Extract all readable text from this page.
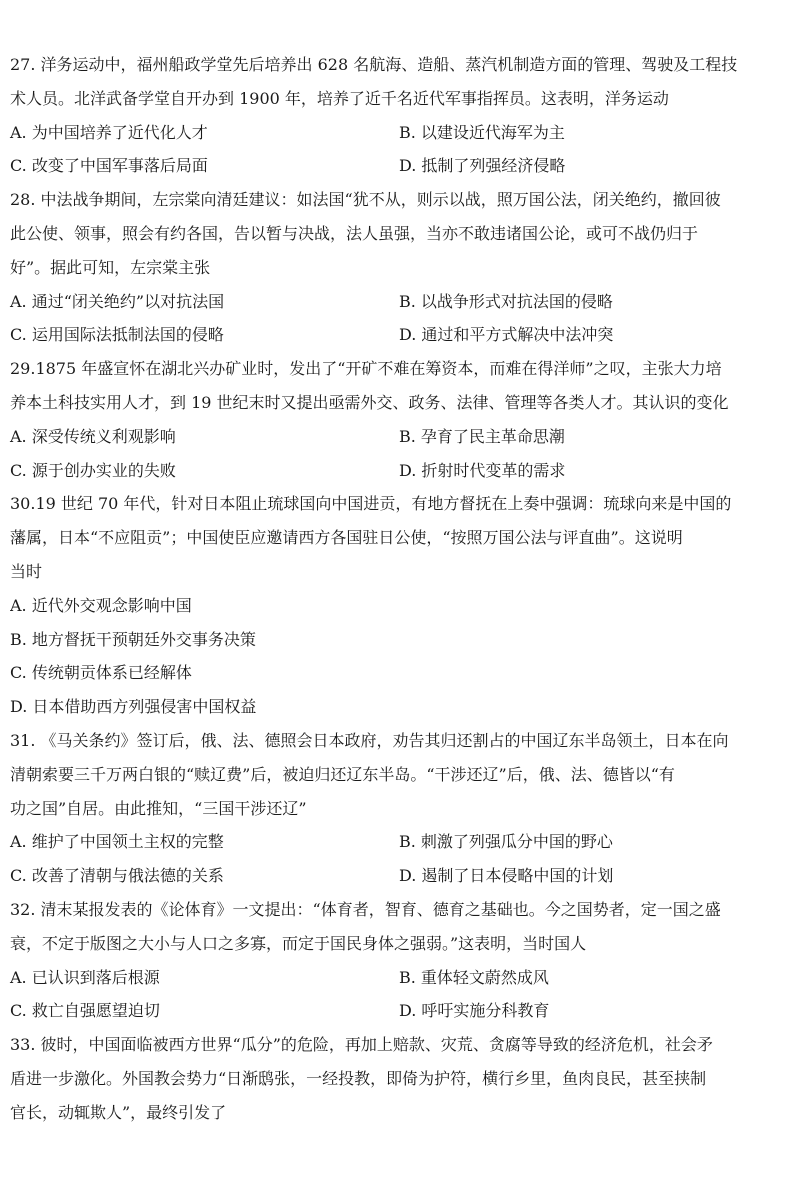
27. 洋务运动中，福州船政学堂先后培养出 628 名航海、造船、蒸汽机制造方面的管理、驾驶及工程技
术人员。北洋武备学堂自开办到 1900 年，培养了近千名近代军事指挥员。这表明，洋务运动
A. 为中国培养了近代化人才	B. 以建设近代海军为主
C. 改变了中国军事落后局面	D. 抵制了列强经济侵略
28. 中法战争期间，左宗棠向清廷建议：如法国“犹不从，则示以战，照万国公法，闭关绝约，撤回彼
此公使、领事，照会有约各国，告以暂与决战，法人虽强，当亦不敢违诸国公论，或可不战仍归于
好”。据此可知，左宗棠主张
A. 通过“闭关绝约”以对抗法国	B. 以战争形式对抗法国的侵略
C. 运用国际法抵制法国的侵略	D. 通过和平方式解决中法冲突
29.1875 年盛宣怀在湖北兴办矿业时，发出了“开矿不难在筹资本，而难在得洋师”之叹，主张大力培
养本土科技实用人才，到 19 世纪末时又提出亟需外交、政务、法律、管理等各类人才。其认识的变化
A. 深受传统义利观影响	B. 孕育了民主革命思潮
C. 源于创办实业的失败	D. 折射时代变革的需求
30.19 世纪 70 年代，针对日本阻止琉球国向中国进贡，有地方督抚在上奏中强调：琉球向来是中国的
藩属，日本“不应阻贡”；中国使臣应邀请西方各国驻日公使，“按照万国公法与评直曲”。这说明
当时
A. 近代外交观念影响中国
B. 地方督抚干预朝廷外交事务决策
C. 传统朝贡体系已经解体
D. 日本借助西方列强侵害中国权益
31. 《马关条约》签订后，俄、法、德照会日本政府，劝告其归还割占的中国辽东半岛领土，日本在向
清朝索要三千万两白银的“赎辽费”后，被迫归还辽东半岛。“干涉还辽”后，俄、法、德皆以“有
功之国”自居。由此推知，“三国干涉还辽”
A. 维护了中国领土主权的完整	B. 刺激了列强瓜分中国的野心
C. 改善了清朝与俄法德的关系	D. 遏制了日本侵略中国的计划
32. 清末某报发表的《论体育》一文提出：“体育者，智育、德育之基础也。今之国势者，定一国之盛
衰，不定于版图之大小与人口之多寡，而定于国民身体之强弱。”这表明，当时国人
A. 已认识到落后根源	B. 重体轻文蔚然成风
C. 救亡自强愿望迫切	D. 呼吁实施分科教育
33. 彼时，中国面临被西方世界“瓜分”的危险，再加上赔款、灾荒、贪腐等导致的经济危机，社会矛
盾进一步激化。外国教会势力“日渐鸱张，一经投教，即倚为护符，横行乡里，鱼肉良民，甚至挟制
官长，动辄欺人”，最终引发了
